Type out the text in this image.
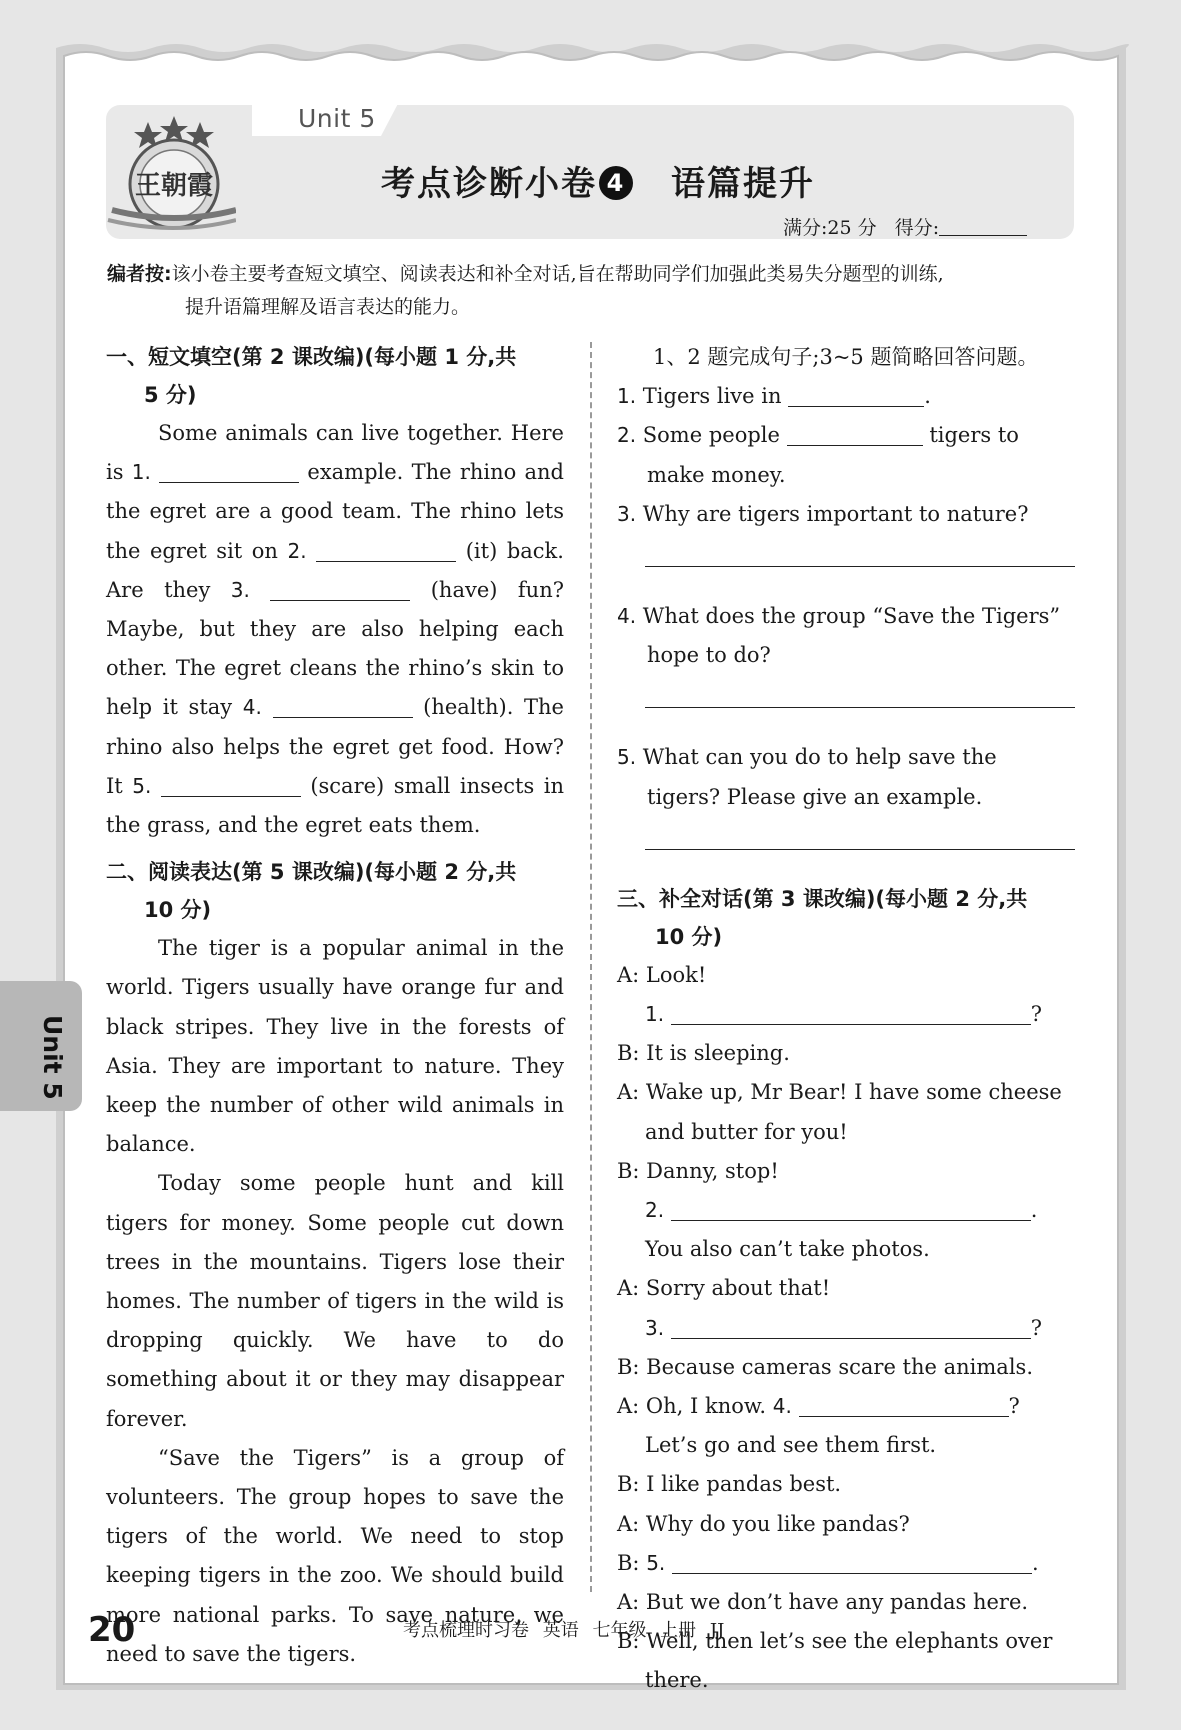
Unit 5
王朝霞	考点诊断小卷 4 语篇提升
满分:25 分 得分:
编者按:该小卷主要考查短文填空、阅读表达和补全对话,旨在帮助同学们加强此类易失分题型的训练,
提升语篇理解及语言表达的能力。
一、短文填空(第 2 课改编)(每小题 1 分,共
5 分)
Some animals can live together. Here is 1.	example. The rhino and the egret are a good team. The rhino lets the egret sit on 2.	(it) back. Are they 3.	(have) fun? Maybe, but they are also helping each other. The egret cleans the rhino’s skin to help it stay 4.	(health). The rhino also helps the egret get food. How? It 5.	(scare) small insects in the grass, and the egret eats them.
二、阅读表达(第 5 课改编)(每小题 2 分,共
10 分)
The tiger is a popular animal in the world. Tigers usually have orange fur and black stripes. They live in the forests of Asia. They are important to nature. They keep the number of other wild animals in balance.
Today some people hunt and kill tigers for money. Some people cut down trees in the mountains. Tigers lose their homes. The number of tigers in the wild is dropping quickly. We have to do something about it or they may disappear forever.
“Save the Tigers” is a group of volunteers. The group hopes to save the tigers of the world. We need to stop keeping tigers in the zoo. We should build more national parks. To save nature, we need to save the tigers.
1、2 题完成句子;3~5 题简略回答问题。
1. Tigers live in	.
2. Some people	tigers to make money.
3. Why are tigers important to nature?
4. What does the group “Save the Tigers” hope to do?
5. What can you do to help save the tigers? Please give an example.
三、补全对话(第 3 课改编)(每小题 2 分,共
10 分)
A: Look!
1.	?
B: It is sleeping.
A: Wake up, Mr Bear! I have some cheese
and butter for you!
B: Danny, stop!
2.	.
You also can’t take photos.
A: Sorry about that!
3.	?
B: Because cameras scare the animals.
A: Oh, I know. 4.	?
Let’s go and see them first.
B: I like pandas best.
A: Why do you like pandas?
B: 5.	.
A: But we don’t have any pandas here.
B: Well, then let’s see the elephants over
there.
Unit 5
20	考点梳理时习卷 英语 七年级 上册 JJ
